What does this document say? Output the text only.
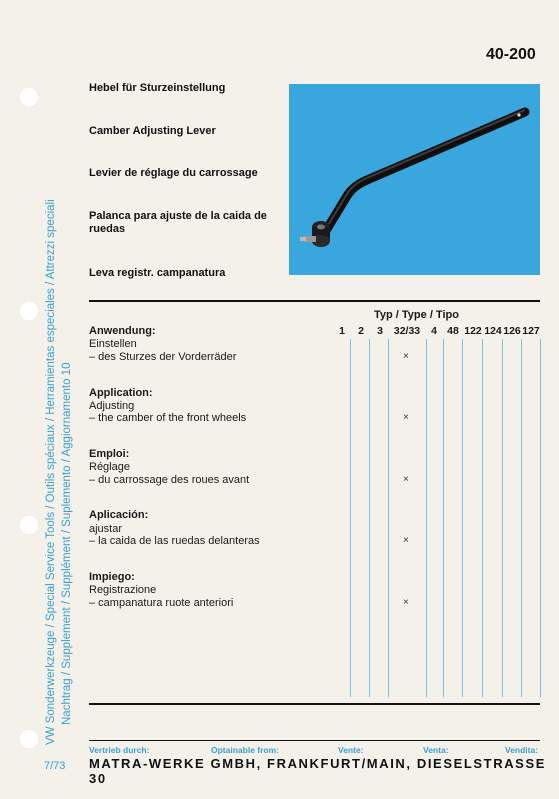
VW Sonderwerkzeuge / Special Service Tools / Outils spéciaux / Herramientas especiales / Attrezzi speciali Nachtrag / Supplement / Supplément / Suplemento / Aggiornamento 10
40-200
Hebel für Sturzeinstellung
Camber Adjusting Lever
Levier de réglage du carrossage
Palanca para ajuste de la caida de ruedas
Leva registr. campanatura
Typ / Type / Tipo
1 2 3	32/33	4 48 122 124 126 127
Anwendung:
Einstellen
– des Sturzes der Vorderräder	×
Application:
Adjusting
– the camber of the front wheels	×
Emploi:
Réglage
– du carrossage des roues avant	×
Aplicación:
ajustar
– la caida de las ruedas delanteras	×
Impiego:
Registrazione
– campanatura ruote anteriori	×
Vertrieb durch:	Optainable from:	Vente:	Venta:	Vendita:
7/73 MATRA-WERKE GMBH, FRANKFURT/MAIN, DIESELSTRASSE 30
